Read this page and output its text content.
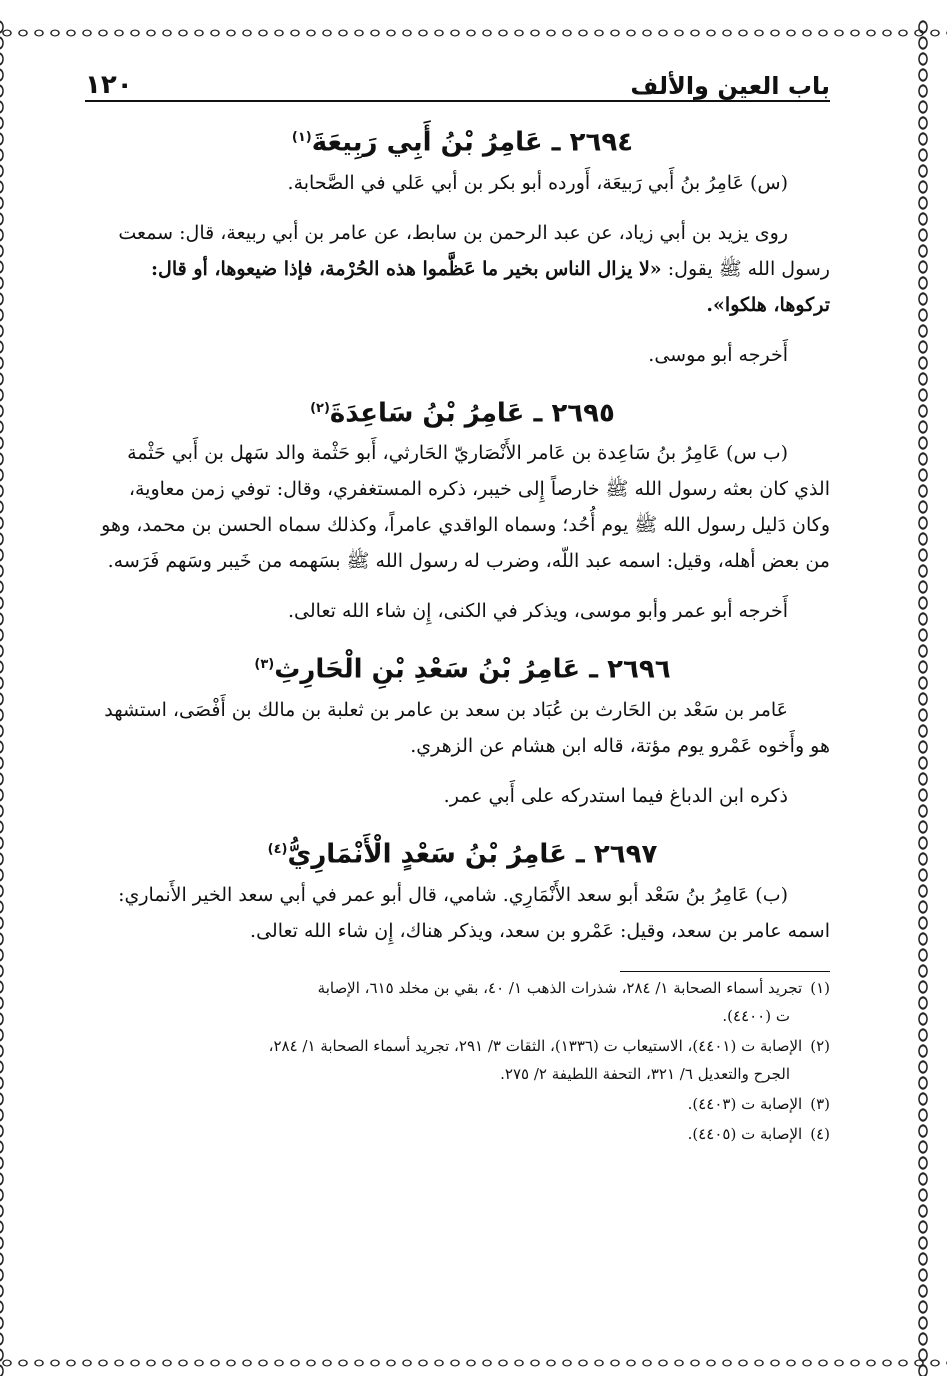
باب العين والألف
١٢٠
٢٦٩٤ ـ عَامِرُ بْنُ أَبِي رَبِيعَةَ$^{(١)}$

(س) عَامِرُ بنُ أَبي رَبيعَة، أَورده أبو بكر بن أبي عَلي في الصَّحابة.

روى يزيد بن أبي زياد، عن عبد الرحمن بن سابط، عن عامر بن أبي ربيعة، قال: سمعت رسول الله ﷺ يقول: «لا يزال الناس بخير ما عَظَّموا هذه الحُرْمة، فإذا ضيعوها، أو قال: تركوها، هلكوا».

أَخرجه أبو موسى.

٢٦٩٥ ـ عَامِرُ بْنُ سَاعِدَةَ$^{(٢)}$

(ب س) عَامِرُ بنُ سَاعِدة بن عَامر الأَنْصَاريّ الحَارثي، أَبو حَثْمة والد سَهل بن أَبي حَثْمة الذي كان بعثه رسول الله ﷺ خارصاً إِلى خيبر، ذكره المستغفري، وقال: توفي زمن معاوية، وكان دَليل رسول الله ﷺ يوم أُحُد؛ وسماه الواقدي عامراً، وكذلك سماه الحسن بن محمد، وهو من بعض أهله، وقيل: اسمه عبد اللّه، وضرب له رسول الله ﷺ بسَهمه من خَيبر وسَهم فَرَسه.

أَخرجه أبو عمر وأبو موسى، ويذكر في الكنى، إِن شاء الله تعالى.

٢٦٩٦ ـ عَامِرُ بْنُ سَعْدِ بْنِ الْحَارِثِ$^{(٣)}$

عَامر بن سَعْد بن الحَارث بن عُبَاد بن سعد بن عامر بن ثعلبة بن مالك بن أَفْصَى، استشهد هو وأَخوه عَمْرو يوم مؤتة، قاله ابن هشام عن الزهري.

ذكره ابن الدباغ فيما استدركه على أَبي عمر.

٢٦٩٧ ـ عَامِرُ بْنُ سَعْدٍ الْأَنْمَارِيُّ$^{(٤)}$

(ب) عَامِرُ بنُ سَعْد أبو سعد الأَنْمَارِي. شامي، قال أبو عمر في أبي سعد الخير الأَنماري: اسمه عامر بن سعد، وقيل: عَمْرو بن سعد، ويذكر هناك، إِن شاء الله تعالى.

(١)تجريد أسماء الصحابة ١/ ٢٨٤، شذرات الذهب ١/ ٤٠، بقي بن مخلد ٦١٥، الإصابة
ت (٤٤٠٠).

(٢)الإصابة ت (٤٤٠١)، الاستيعاب ت (١٣٣٦)، الثقات ٣/ ٢٩١، تجريد أسماء الصحابة ١/ ٢٨٤،
الجرح والتعديل ٦/ ٣٢١، التحفة اللطيفة ٢/ ٢٧٥.

(٣)الإصابة ت (٤٤٠٣).

(٤)الإصابة ت (٤٤٠٥).
